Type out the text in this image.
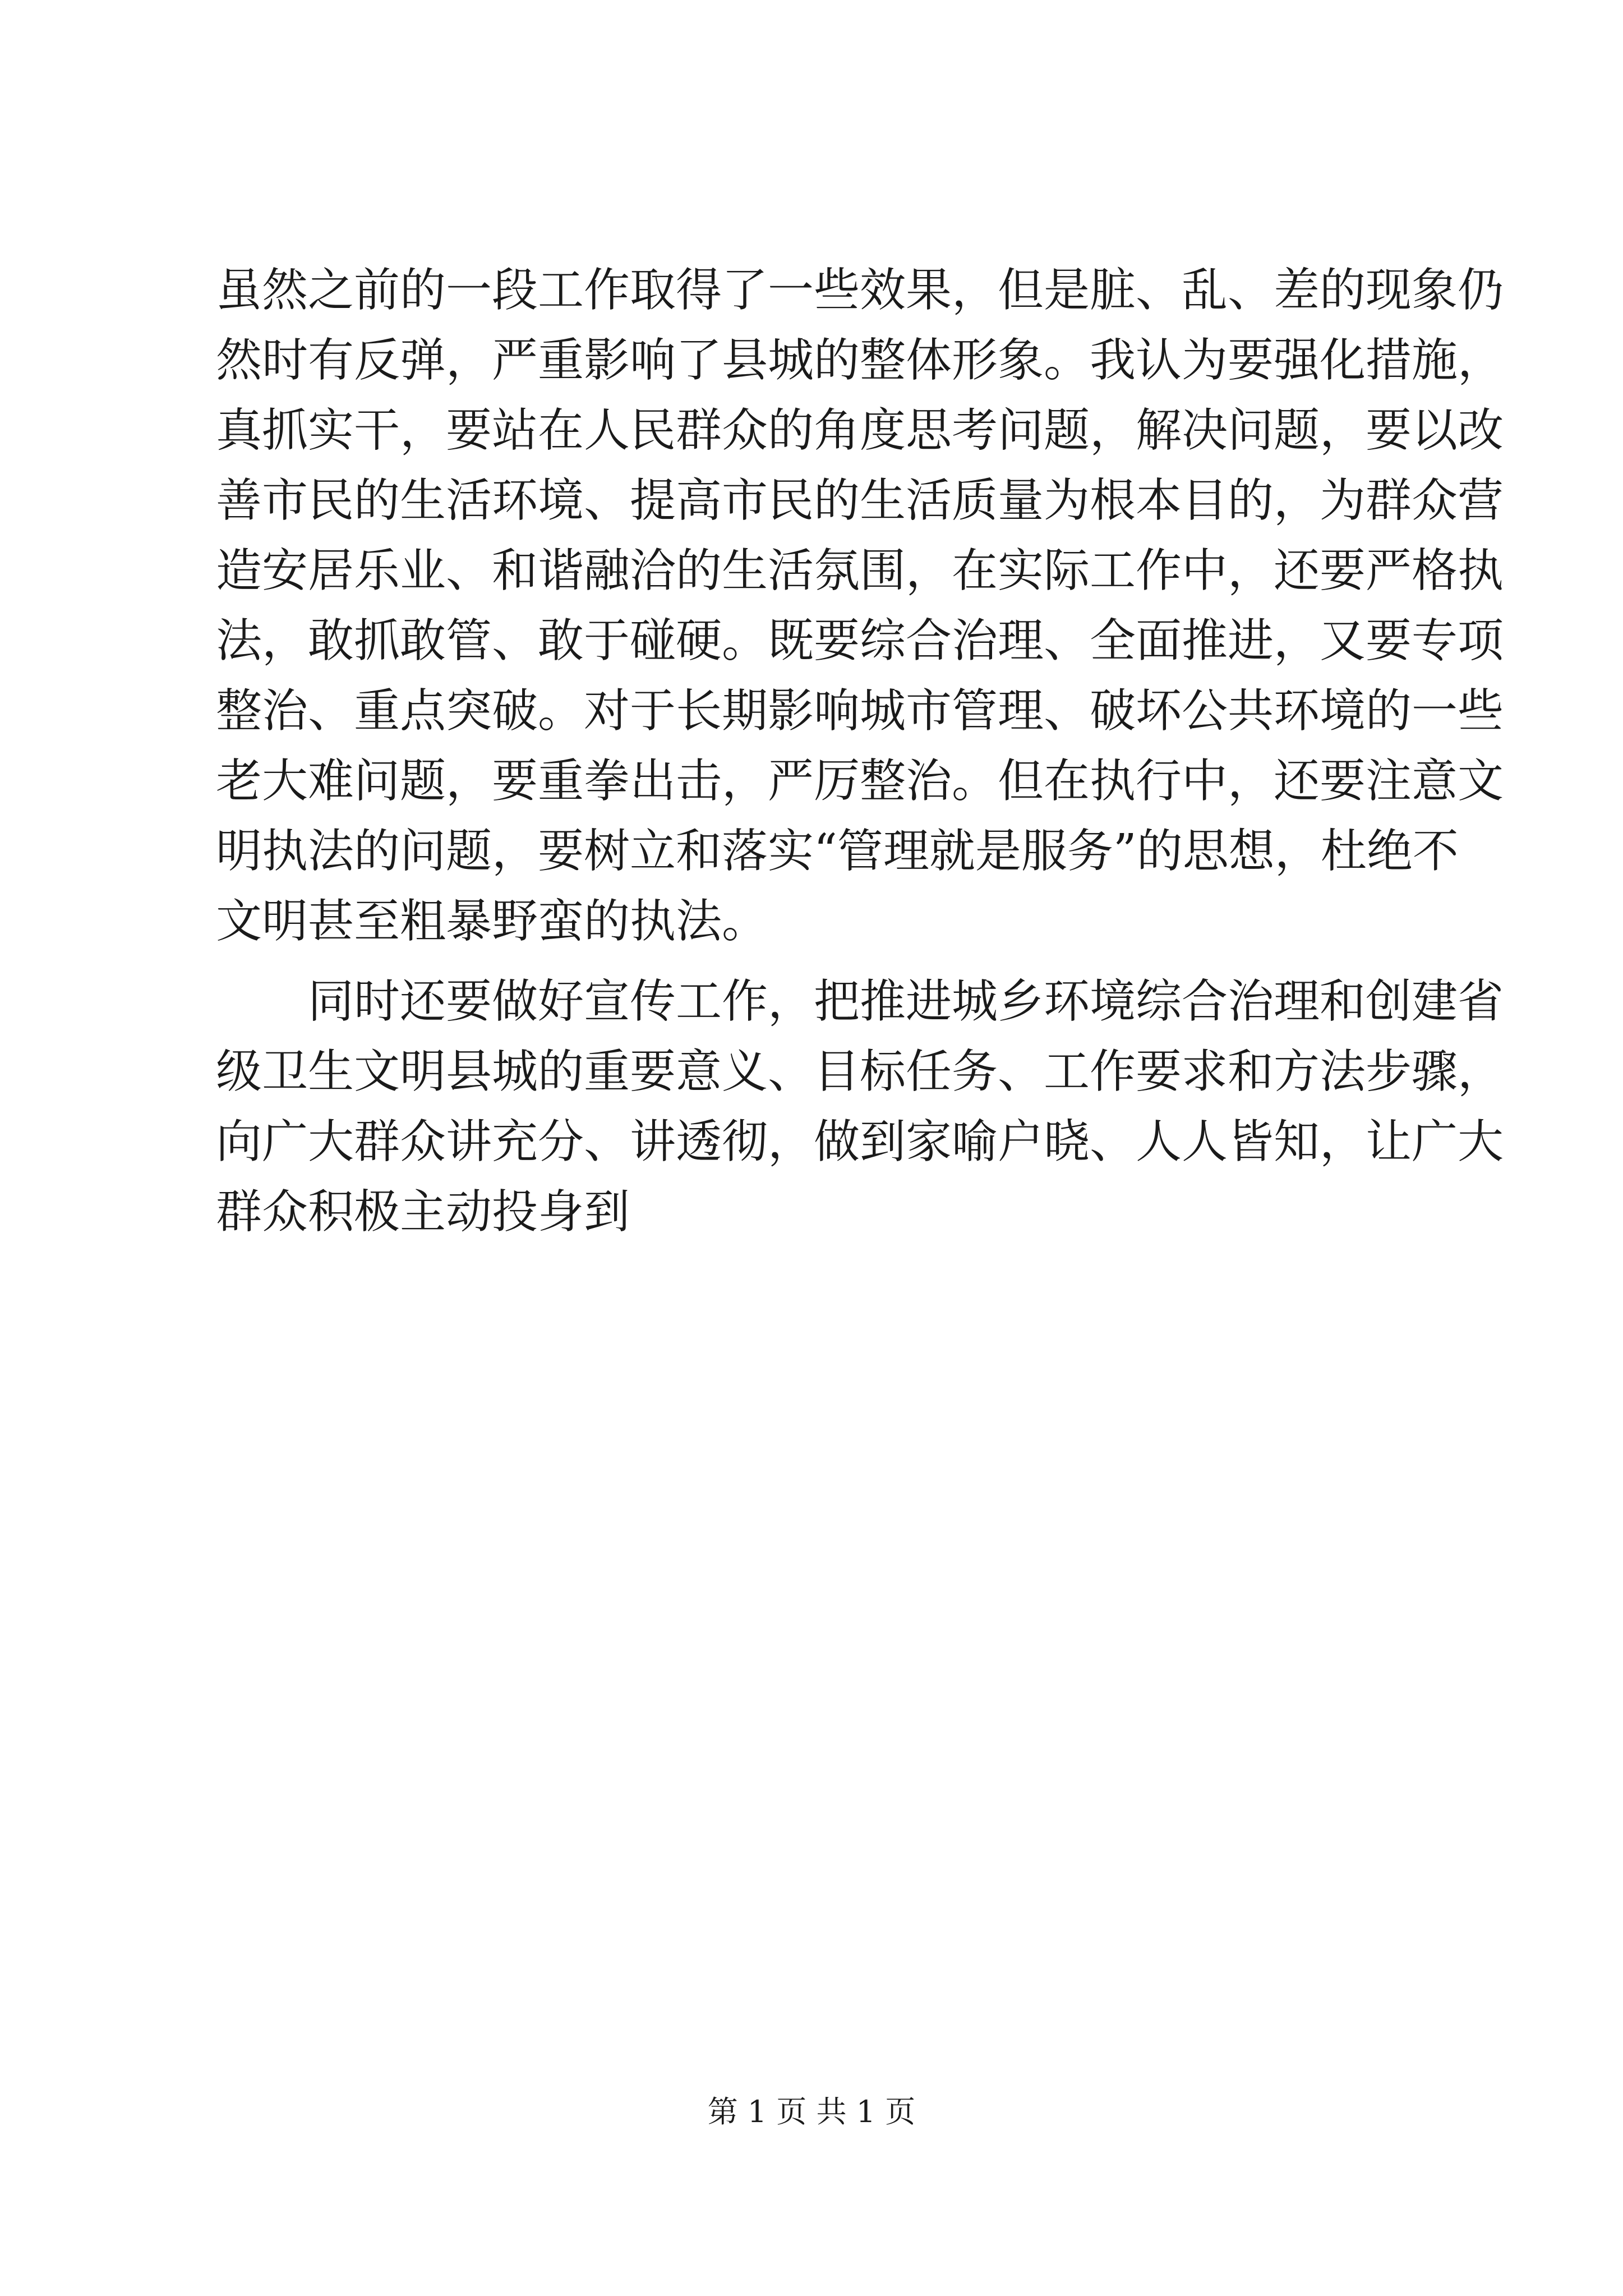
虽然之前的一段工作取得了一些效果，但是脏、乱、差的现象仍
然时有反弹，严重影响了县城的整体形象。我认为要强化措施，
真抓实干，要站在人民群众的角度思考问题，解决问题，要以改
善市民的生活环境、提高市民的生活质量为根本目的，为群众营
造安居乐业、和谐融洽的生活氛围，在实际工作中，还要严格执
法，敢抓敢管、敢于碰硬。既要综合治理、全面推进，又要专项
整治、重点突破。对于长期影响城市管理、破坏公共环境的一些
老大难问题，要重拳出击，严厉整治。但在执行中，还要注意文
明执法的问题，要树立和落实“管理就是服务”的思想，杜绝不
文明甚至粗暴野蛮的执法。
同时还要做好宣传工作，把推进城乡环境综合治理和创建省
级卫生文明县城的重要意义、目标任务、工作要求和方法步骤，
向广大群众讲充分、讲透彻，做到家喻户晓、人人皆知，让广大
群众积极主动投身到
第 1 页 共 1 页
